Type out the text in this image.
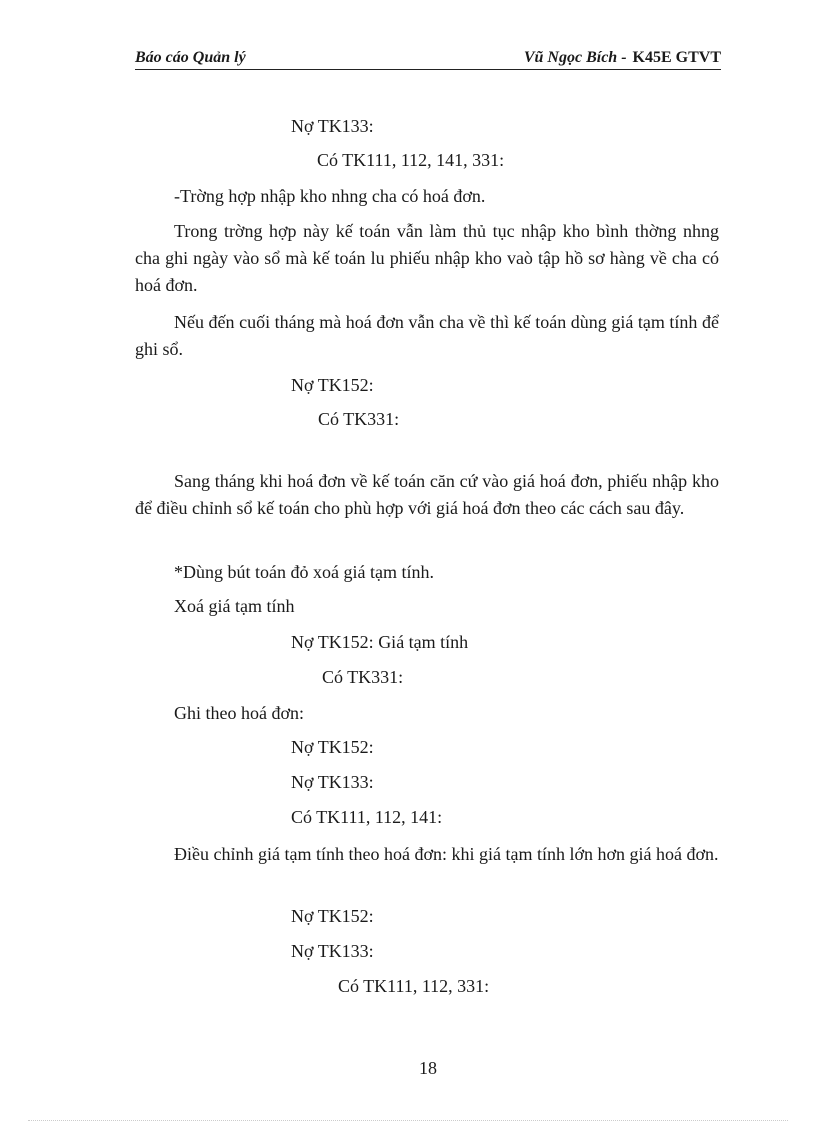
Báo cáo Quản lý	Vũ Ngọc Bích - K45E GTVT
Nợ TK133:
Có TK111, 112, 141, 331:
-Trờng hợp nhập kho nhng cha có hoá đơn.
Trong trờng hợp này kế toán vẫn làm thủ tục nhập kho bình thờng nhng cha ghi ngày vào sổ mà kế toán lu phiếu nhập kho vaò tập hồ sơ hàng về cha có hoá đơn.
Nếu đến cuối tháng mà hoá đơn vẫn cha về thì kế toán dùng giá tạm tính để ghi sổ.
Nợ TK152:
Có TK331:
Sang tháng khi hoá đơn về kế toán căn cứ vào giá hoá đơn, phiếu nhập kho để điều chỉnh sổ kế toán cho phù hợp với giá hoá đơn theo các cách sau đây.
*Dùng bút toán đỏ xoá giá tạm tính.
Xoá giá tạm tính
Nợ TK152: Giá tạm tính
Có TK331:
Ghi theo hoá đơn:
Nợ TK152:
Nợ TK133:
Có TK111, 112, 141:
Điều chỉnh giá tạm tính theo hoá đơn: khi giá tạm tính lớn hơn giá hoá đơn.
Nợ TK152:
Nợ TK133:
Có TK111, 112, 331:
18
